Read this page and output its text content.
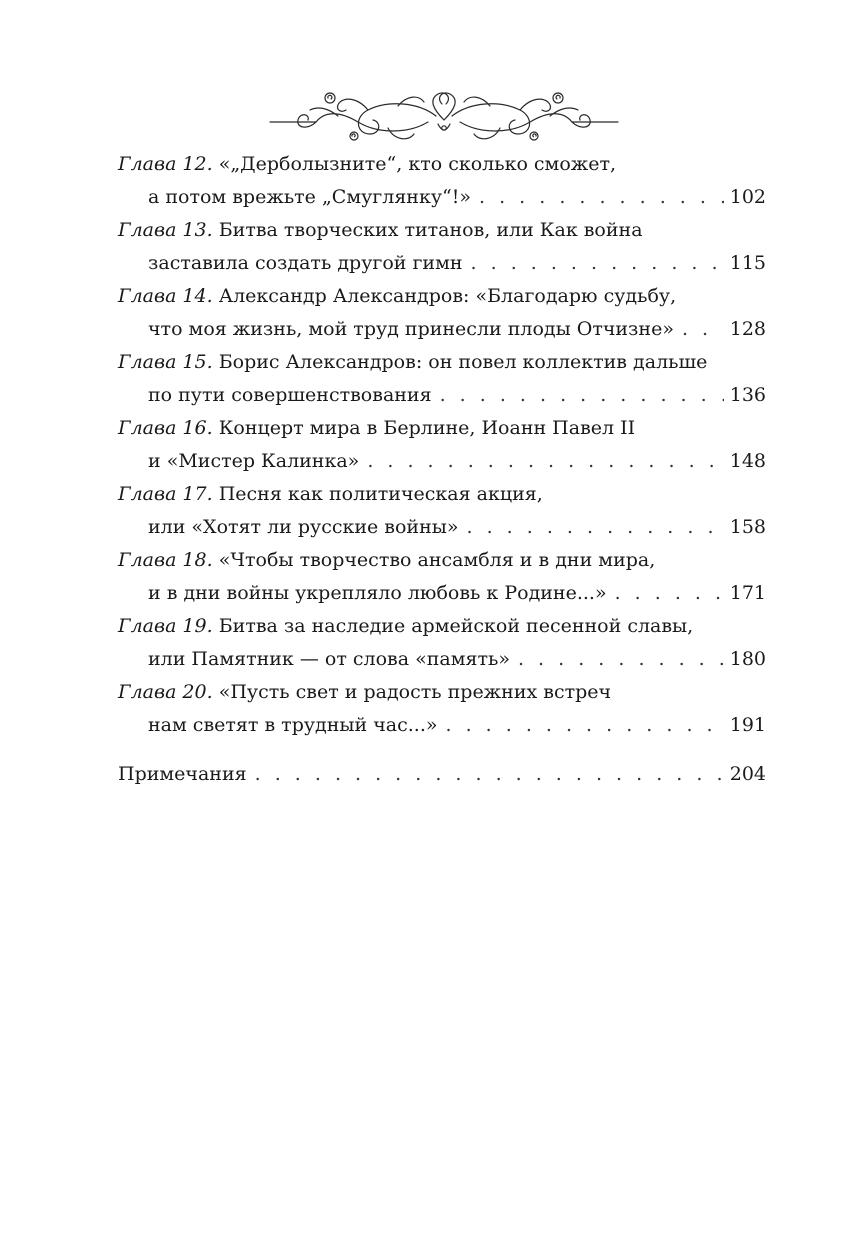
Глава 12.
«„Дерболызните“, кто сколько сможет,
а потом врежьте „Смуглянку“!» . . .	102
Глава 13.
Битва творческих титанов, или Как война
заставила создать другой гимн . . .	115
Глава 14.
Александр Александров: «Благодарю судьбу,
что моя жизнь, мой труд принесли плоды Отчизне» . . .	128
Глава 15.
Борис Александров: он повел коллектив дальше
по пути совершенствования . . .	136
Глава 16.
Концерт мира в Берлине, Иоанн Павел II
и «Мистер Калинка» . . .	148
Глава 17.
Песня как политическая акция,
или «Хотят ли русские войны» . . .	158
Глава 18.
«Чтобы творчество ансамбля и в дни мира,
и в дни войны укрепляло любовь к Родине...» . . .	171
Глава 19.
Битва за наследие армейской песенной славы,
или Памятник — от слова «память» . . .	180
Глава 20.
«Пусть свет и радость прежних встреч
нам светят в трудный час...» . . .	191
Примечания . . .	204
